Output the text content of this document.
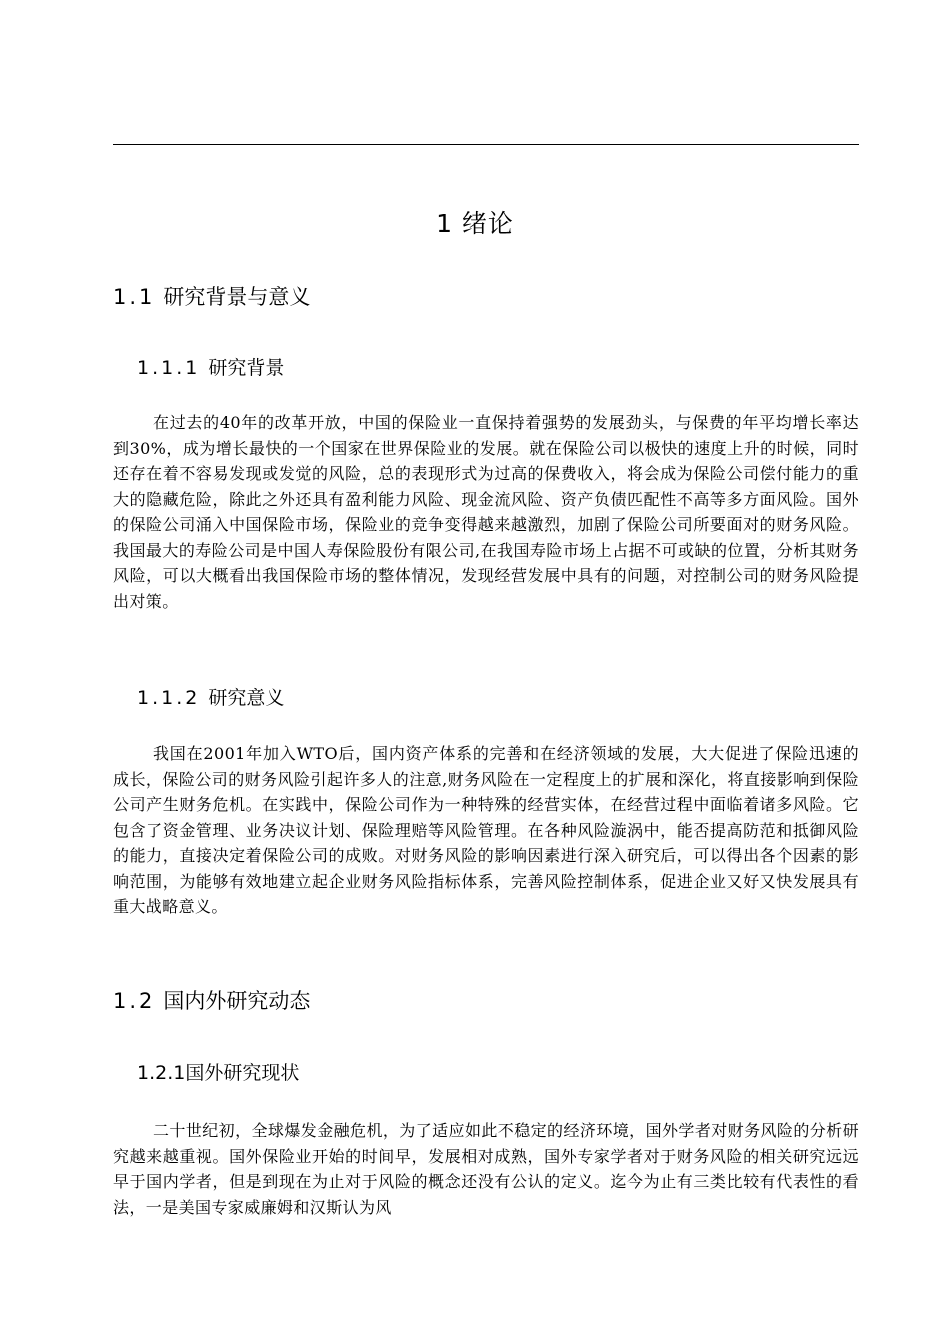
1 绪论
1.1 研究背景与意义
1.1.1 研究背景

在过去的40年的改革开放，中国的保险业一直保持着强势的发展劲头，与保费的年平均增长率达到30%，成为增长最快的一个国家在世界保险业的发展。就在保险公司以极快的速度上升的时候，同时还存在着不容易发现或发觉的风险，总的表现形式为过高的保费收入，将会成为保险公司偿付能力的重大的隐藏危险，除此之外还具有盈利能力风险、现金流风险、资产负债匹配性不高等多方面风险。国外的保险公司涌入中国保险市场，保险业的竞争变得越来越激烈，加剧了保险公司所要面对的财务风险。我国最大的寿险公司是中国人寿保险股份有限公司,在我国寿险市场上占据不可或缺的位置，分析其财务风险，可以大概看出我国保险市场的整体情况，发现经营发展中具有的问题，对控制公司的财务风险提出对策。

1.1.2 研究意义

我国在2001年加入WTO后，国内资产体系的完善和在经济领域的发展，大大促进了保险迅速的成长，保险公司的财务风险引起许多人的注意,财务风险在一定程度上的扩展和深化，将直接影响到保险公司产生财务危机。在实践中，保险公司作为一种特殊的经营实体，在经营过程中面临着诸多风险。它包含了资金管理、业务决议计划、保险理赔等风险管理。在各种风险漩涡中，能否提高防范和抵御风险的能力，直接决定着保险公司的成败。对财务风险的影响因素进行深入研究后，可以得出各个因素的影响范围，为能够有效地建立起企业财务风险指标体系，完善风险控制体系，促进企业又好又快发展具有重大战略意义。

1.2 国内外研究动态
1.2.1国外研究现状

二十世纪初，全球爆发金融危机，为了适应如此不稳定的经济环境，国外学者对财务风险的分析研究越来越重视。国外保险业开始的时间早，发展相对成熟，国外专家学者对于财务风险的相关研究远远早于国内学者，但是到现在为止对于风险的概念还没有公认的定义。迄今为止有三类比较有代表性的看法，一是美国专家威廉姆和汉斯认为风
